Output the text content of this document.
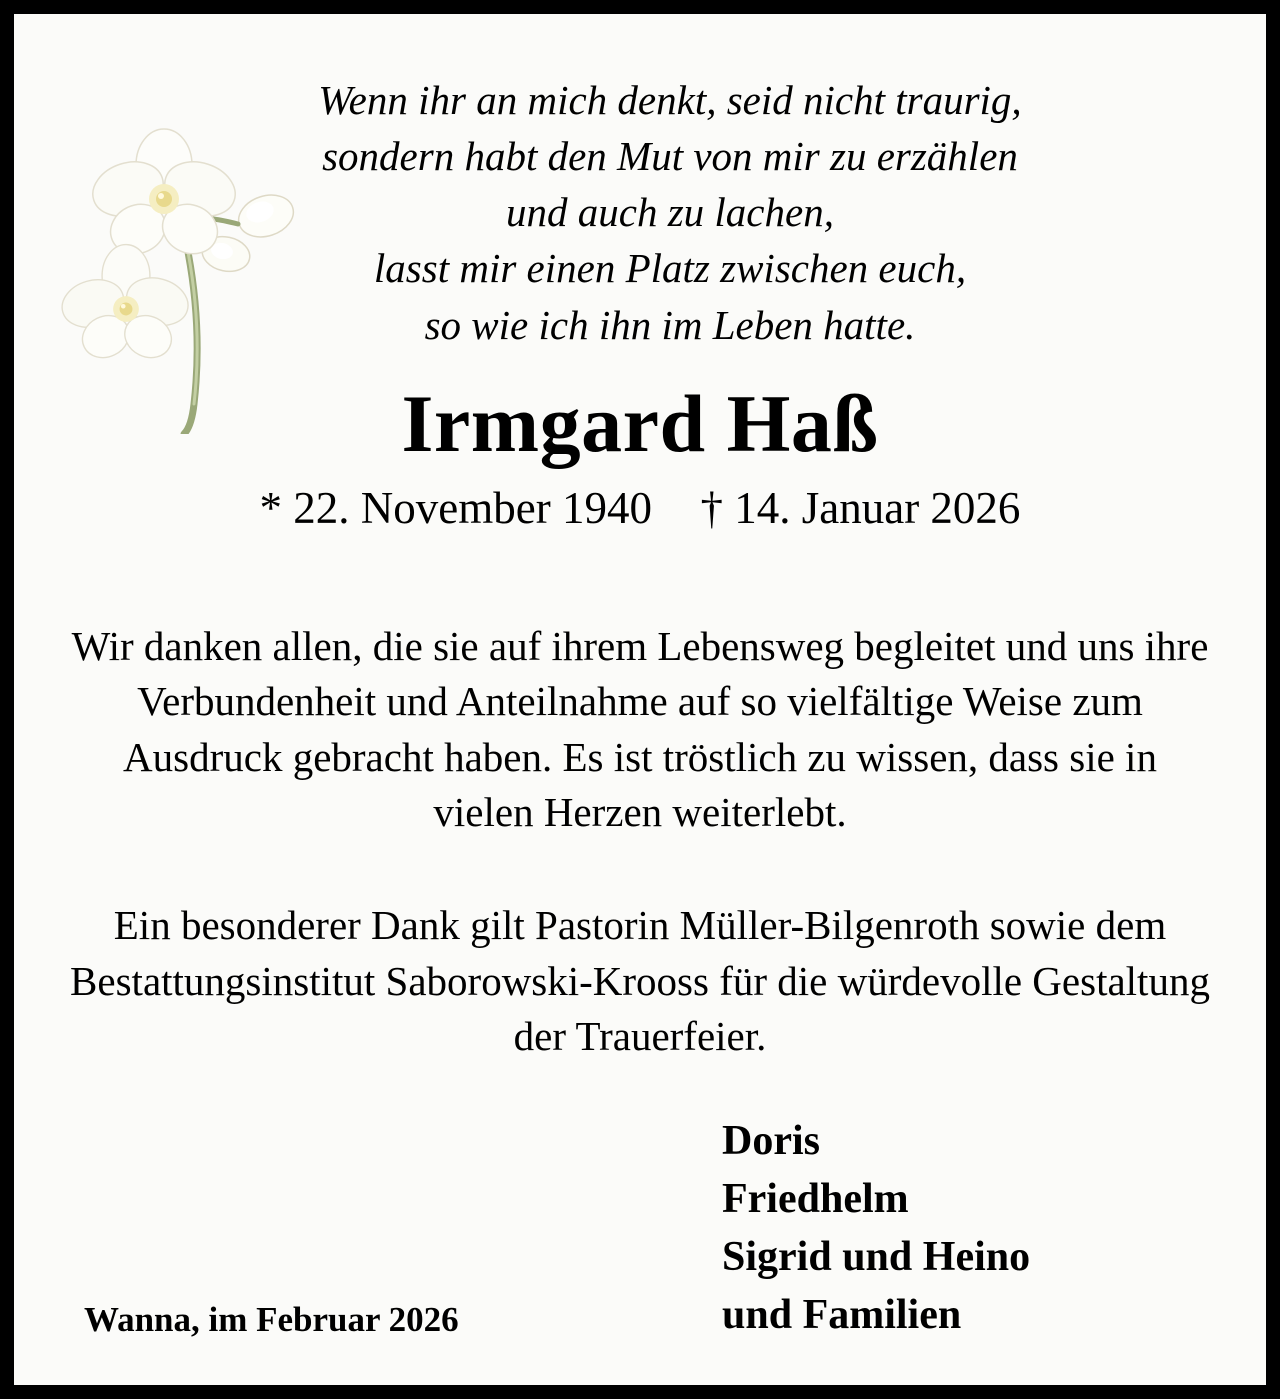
Wenn ihr an mich denkt, seid nicht traurig,
sondern habt den Mut von mir zu erzählen
und auch zu lachen,
lasst mir einen Platz zwischen euch,
so wie ich ihn im Leben hatte.
Irmgard Haß
* 22. November 1940 † 14. Januar 2026

Wir danken allen, die sie auf ihrem Lebensweg begleitet und uns ihre Verbundenheit und Anteilnahme auf so vielfältige Weise zum Ausdruck gebracht haben. Es ist tröstlich zu wissen, dass sie in vielen Herzen weiterlebt.

Ein besonderer Dank gilt Pastorin Müller-Bilgenroth sowie dem Bestattungsinstitut Saborowski-Krooss für die würdevolle Gestaltung der Trauerfeier.

Doris
Friedhelm
Sigrid und Heino
und Familien
Wanna, im Februar 2026
